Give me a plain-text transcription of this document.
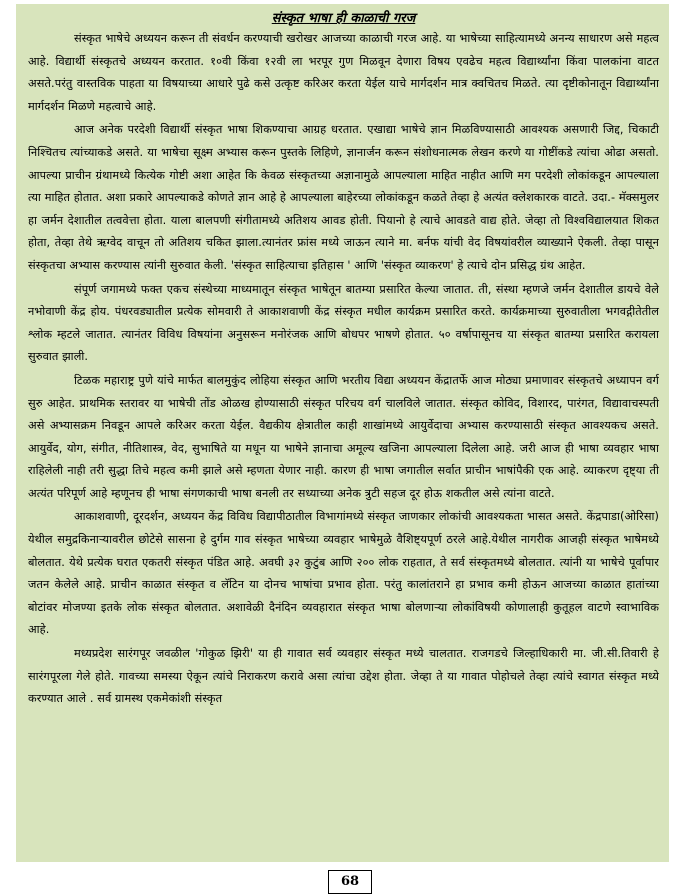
संस्कृत भाषा ही काळाची गरज

संस्कृत भाषेचे अध्ययन करून ती संवर्धन करण्याची खरोखर आजच्या काळाची गरज आहे. या भाषेच्या साहित्यामध्ये अनन्य साधारण असे महत्व आहे. विद्यार्थी संस्कृतचे अध्ययन करतात. १०वी किंवा १२वी ला भरपूर गुण मिळवून देणारा विषय एवढेच महत्व विद्यार्थ्यांना किंवा पालकांना वाटत असते.परंतु वास्तविक पाहता या विषयाच्या आधारे पुढे कसे उत्कृष्ट करिअर करता येईल याचे मार्गदर्शन मात्र क्वचितच मिळते. त्या दृष्टीकोनातून विद्यार्थ्यांना मार्गदर्शन मिळणे महत्वाचे आहे.

आज अनेक परदेशी विद्यार्थी संस्कृत भाषा शिकण्याचा आग्रह धरतात. एखाद्या भाषेचे ज्ञान मिळविण्यासाठी आवश्यक असणारी जिद्द, चिकाटी निश्चितच त्यांच्याकडे असते. या भाषेचा सूक्ष्म अभ्यास करून पुस्तके लिहिणे, ज्ञानार्जन करून संशोधनात्मक लेखन करणे या गोष्टींकडे त्यांचा ओढा असतो. आपल्या प्राचीन ग्रंथामध्ये कित्येक गोष्टी अशा आहेत कि केवळ संस्कृतच्या अज्ञानामुळे आपल्याला माहित नाहीत आणि मग परदेशी लोकांकडून आपल्याला त्या माहित होतात. अशा प्रकारे आपल्याकडे कोणते ज्ञान आहे हे आपल्याला बाहेरच्या लोकांकडून कळते तेव्हा हे अत्यंत क्लेशकारक वाटते. उदा.- मॅक्समुलर हा जर्मन देशातील तत्ववेत्ता होता. याला बालपणी संगीतामध्ये अतिशय आवड होती. पियानो हे त्याचे आवडते वाद्य होते. जेव्हा तो विश्वविद्यालयात शिकत होता, तेव्हा तेथे ऋग्वेद वाचून तो अतिशय चकित झाला.त्यानंतर फ्रांस मध्ये जाऊन त्याने मा. बर्नफ यांची वेद विषयांवरील व्याख्याने ऐकली. तेव्हा पासून संस्कृतचा अभ्यास करण्यास त्यांनी सुरुवात केली. 'संस्कृत साहित्याचा इतिहास ' आणि 'संस्कृत व्याकरण' हे त्याचे दोन प्रसिद्ध ग्रंथ आहेत.

संपूर्ण जगामध्ये फक्त एकच संस्थेच्या माध्यमातून संस्कृत भाषेतून बातम्या प्रसारित केल्या जातात. ती, संस्था म्हणजे जर्मन देशातील डायचे वेले नभोवाणी केंद्र होय. पंधरवड्यातील प्रत्येक सोमवारी ते आकाशवाणी केंद्र संस्कृत मधील कार्यक्रम प्रसारित करते. कार्यक्रमाच्या सुरुवातीला भगवद्गीतेतील श्लोक म्हटले जातात. त्यानंतर विविध विषयांना अनुसरून मनोरंजक आणि बोधपर भाषणे होतात. ५० वर्षापासूनच या संस्कृत बातम्या प्रसारित करायला सुरुवात झाली.

टिळक महाराष्ट्र पुणे यांचे मार्फत बालमुकुंद लोहिया संस्कृत आणि भरतीय विद्या अध्ययन केंद्रातर्फे आज मोठ्या प्रमाणावर संस्कृतचे अध्यापन वर्ग सुरु आहेत. प्राथमिक स्तरावर या भाषेची तोंड ओळख होण्यासाठी संस्कृत परिचय वर्ग चालविले जातात. संस्कृत कोविद, विशारद, पारंगत, विद्यावाचस्पती असे अभ्यासक्रम निवडून आपले करिअर करता येईल. वैद्यकीय क्षेत्रातील काही शाखांमध्ये आयुर्वेदाचा अभ्यास करण्यासाठी संस्कृत आवश्यकच असते. आयुर्वेद, योग, संगीत, नीतिशास्त्र, वेद, सुभाषिते या मधून या भाषेने ज्ञानाचा अमूल्य खजिना आपल्याला दिलेला आहे. जरी आज ही भाषा व्यवहार भाषा राहिलेली नाही तरी सुद्धा तिचे महत्व कमी झाले असे म्हणता येणार नाही. कारण ही भाषा जगातील सर्वात प्राचीन भाषांपैकी एक आहे. व्याकरण दृष्ट्या ती अत्यंत परिपूर्ण आहे म्हणूनच ही भाषा संगणकाची भाषा बनली तर सध्याच्या अनेक त्रुटी सहज दूर होऊ शकतील असे त्यांना वाटते.

आकाशवाणी, दूरदर्शन, अध्ययन केंद्र विविध विद्यापीठातील विभागांमध्ये संस्कृत जाणकार लोकांची आवश्यकता भासत असते. केंद्रपाडा(ओरिसा) येथील समुद्रकिनाऱ्यावरील छोटेसे सासना हे दुर्गम गाव संस्कृत भाषेच्या व्यवहार भाषेमुळे वैशिष्ट्यपूर्ण ठरले आहे.येथील नागरीक आजही संस्कृत भाषेमध्ये बोलतात. येथे प्रत्येक घरात एकतरी संस्कृत पंडित आहे. अवघी ३२ कुटुंब आणि २०० लोक राहतात, ते सर्व संस्कृतमध्ये बोलतात. त्यांनी या भाषेचे पूर्वापार जतन केलेले आहे. प्राचीन काळात संस्कृत व लॅटिन या दोनच भाषांचा प्रभाव होता. परंतु कालांतराने हा प्रभाव कमी होऊन आजच्या काळात हातांच्या बोटांवर मोजण्या इतके लोक संस्कृत बोलतात. अशावेळी दैनंदिन व्यवहारात संस्कृत भाषा बोलणाऱ्या लोकांविषयी कोणालाही कुतूहल वाटणे स्वाभाविक आहे.

मध्यप्रदेश सारंगपूर जवळील 'गोकुळ झिरी' या ही गावात सर्व व्यवहार संस्कृत मध्ये चालतात. राजगडचे जिल्हाधिकारी मा. जी.सी.तिवारी हे सारंगपूरला गेले होते. गावच्या समस्या ऐकून त्यांचे निराकरण करावे असा त्यांचा उद्देश होता. जेव्हा ते या गावात पोहोचले तेव्हा त्यांचे स्वागत संस्कृत मध्ये करण्यात आले . सर्व ग्रामस्थ एकमेकांशी संस्कृत

68
